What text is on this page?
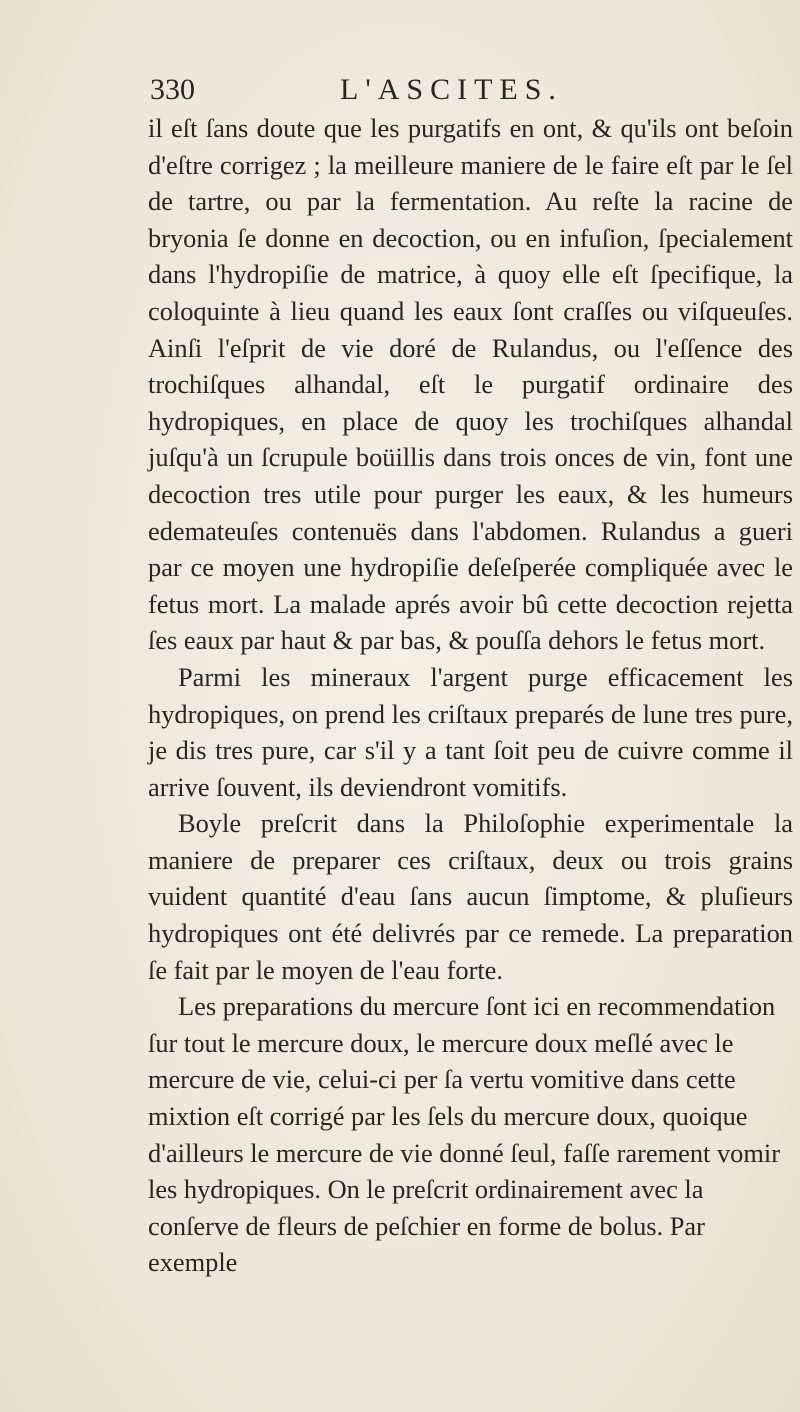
330	L'ASCITES.

il eſt ſans doute que les purgatifs en ont, & qu'ils ont beſoin d'eſtre corrigez ; la meilleure maniere de le faire eſt par le ſel de tartre, ou par la fermentation. Au reſte la racine de bryonia ſe donne en decoction, ou en infuſion, ſpecialement dans l'hydropiſie de matrice, à quoy elle eſt ſpecifique, la coloquinte à lieu quand les eaux ſont craſſes ou viſqueuſes. Ainſi l'eſprit de vie doré de Rulandus, ou l'eſſence des trochiſques alhandal, eſt le purgatif ordinaire des hydropiques, en place de quoy les trochiſques alhandal juſqu'à un ſcrupule boüillis dans trois onces de vin, font une decoction tres utile pour purger les eaux, & les humeurs edemateuſes contenuës dans l'abdomen. Rulandus a gueri par ce moyen une hydropiſie deſeſperée compliquée avec le fetus mort. La malade aprés avoir bû cette decoction rejetta ſes eaux par haut & par bas, & pouſſa dehors le fetus mort.

Parmi les mineraux l'argent purge efficacement les hydropiques, on prend les criſtaux preparés de lune tres pure, je dis tres pure, car s'il y a tant ſoit peu de cuivre comme il arrive ſouvent, ils deviendront vomitifs.

Boyle preſcrit dans la Philoſophie experimentale la maniere de preparer ces criſtaux, deux ou trois grains vuident quantité d'eau ſans aucun ſimptome, & pluſieurs hydropiques ont été delivrés par ce remede. La preparation ſe fait par le moyen de l'eau forte.

Les preparations du mercure ſont ici en recommendation ſur tout le mercure doux, le mercure doux meſlé avec le mercure de vie, celui-ci per ſa vertu vomitive dans cette mixtion eſt corrigé par les ſels du mercure doux, quoique d'ailleurs le mercure de vie donné ſeul, faſſe rarement vomir les hydropiques. On le preſcrit ordinairement avec la conſerve de fleurs de peſchier en forme de bolus. Par exemple
